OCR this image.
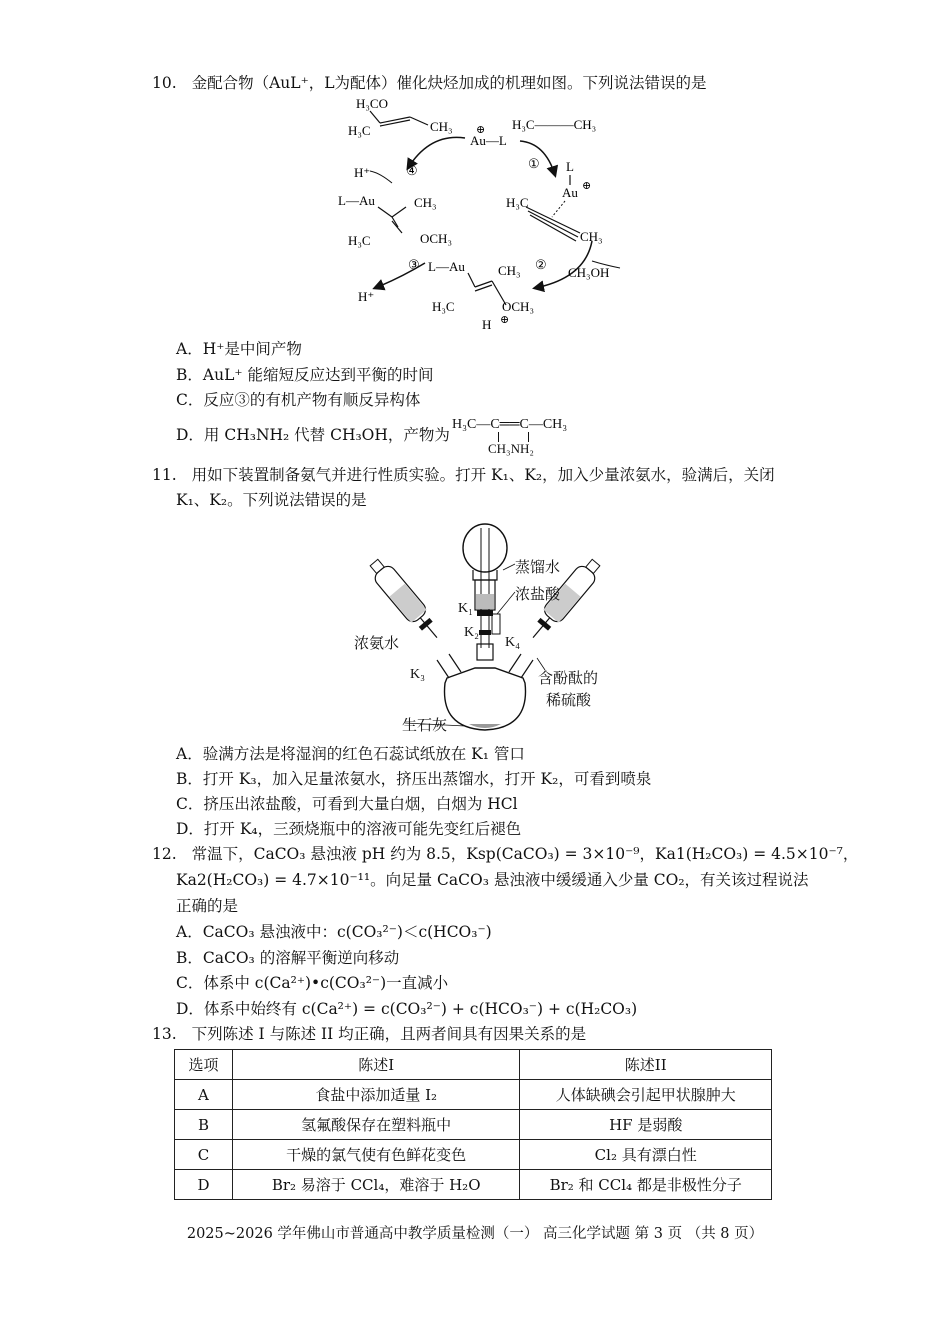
10. 金配合物（AuL⁺，L为配体）催化炔烃加成的机理如图。下列说法错误的是
H₃CO
H₃C	CH₃
Au—L
⊕ H₃C———CH₃
①
②
③
④	L
Au ⊕
H₃C
CH₃
CH₃OH
H⁺
H⁺
L—Au	CH₃
H₃C	OCH₃
L—Au	CH₃
H₃C	OCH₃
H ⊕
A．H⁺是中间产物
B．AuL⁺ 能缩短反应达到平衡的时间
C．反应③的有机产物有顺反异构体
D．用 CH₃NH₂ 代替 CH₃OH，产物为
H₃C—C══C—CH₃
CH₃NH₂
11. 用如下装置制备氨气并进行性质实验。打开 K₁、K₂，加入少量浓氨水，验满后，关闭
K₁、K₂。下列说法错误的是
蒸馏水
浓盐酸
K₁
K₂
K₄
浓氨水
K₃	含酚酞的
稀硫酸
生石灰
A．验满方法是将湿润的红色石蕊试纸放在 K₁ 管口
B．打开 K₃，加入足量浓氨水，挤压出蒸馏水，打开 K₂，可看到喷泉
C．挤压出浓盐酸，可看到大量白烟，白烟为 HCl
D．打开 K₄，三颈烧瓶中的溶液可能先变红后褪色
12. 常温下，CaCO₃ 悬浊液 pH 约为 8.5，Ksp(CaCO₃) = 3×10⁻⁹，Ka1(H₂CO₃) = 4.5×10⁻⁷，
Ka2(H₂CO₃) = 4.7×10⁻¹¹。向足量 CaCO₃ 悬浊液中缓缓通入少量 CO₂，有关该过程说法
正确的是
A．CaCO₃ 悬浊液中：c(CO₃²⁻)＜c(HCO₃⁻)
B．CaCO₃ 的溶解平衡逆向移动
C．体系中 c(Ca²⁺)•c(CO₃²⁻)一直减小
D．体系中始终有 c(Ca²⁺) = c(CO₃²⁻) + c(HCO₃⁻) + c(H₂CO₃)
13. 下列陈述 I 与陈述 II 均正确，且两者间具有因果关系的是
选项	陈述I	陈述II
A	食盐中添加适量 I₂	人体缺碘会引起甲状腺肿大
B	氢氟酸保存在塑料瓶中	HF 是弱酸
C	干燥的氯气使有色鲜花变色	Cl₂ 具有漂白性
D	Br₂ 易溶于 CCl₄，难溶于 H₂O	Br₂ 和 CCl₄ 都是非极性分子
2025~2026 学年佛山市普通高中教学质量检测（一） 高三化学试题 第 3 页 （共 8 页）
